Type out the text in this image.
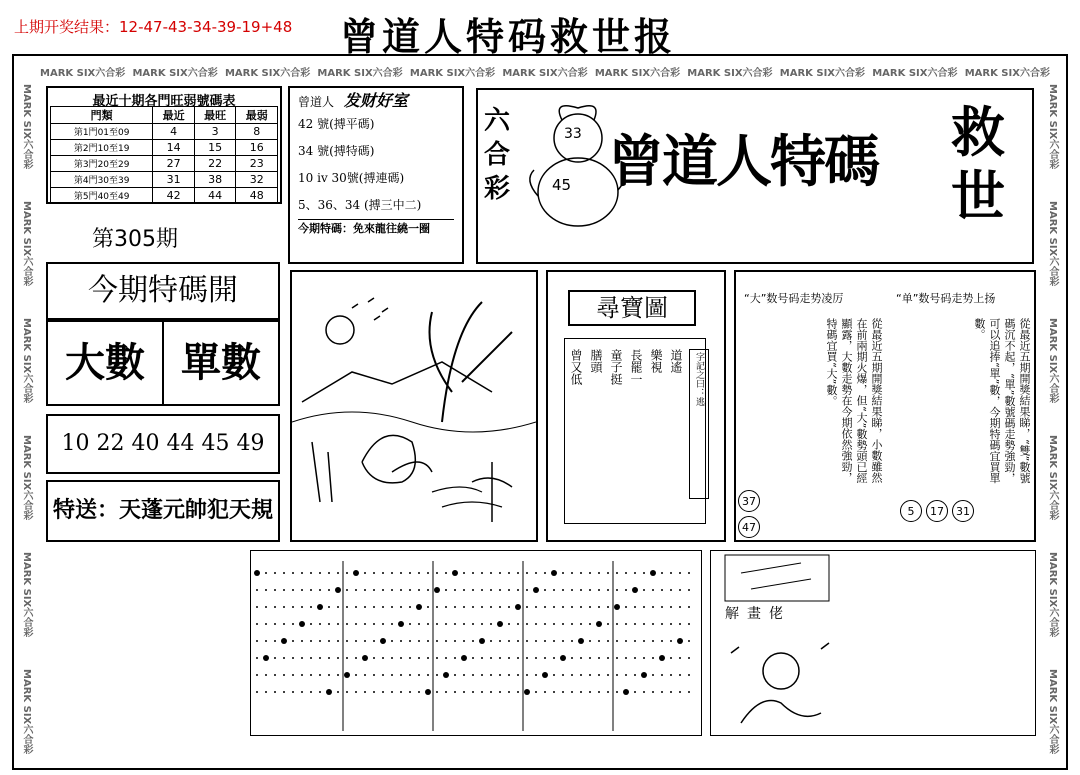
上期开奖结果：12-47-43-34-39-19+48 曾道人特码救世报
MARK SIX六合彩 MARK SIX六合彩 MARK SIX六合彩 MARK SIX六合彩 MARK SIX六合彩 MARK SIX六合彩 MARK SIX六合彩 MARK SIX六合彩 MARK SIX六合彩 MARK SIX六合彩 MARK SIX六合彩
MARK SIX六合彩
MARK SIX六合彩
MARK SIX六合彩
MARK SIX六合彩
MARK SIX六合彩
MARK SIX六合彩
MARK SIX六合彩
MARK SIX六合彩
MARK SIX六合彩
MARK SIX六合彩
MARK SIX六合彩
MARK SIX六合彩
最近十期各門旺弱號碼表
門類	最近	最旺	最弱
第1門01至09	4	3	8
第2門10至19	14	15	16
第3門20至29	27	22	23
第4門30至39	31	38	32
第5門40至49	42	44	48
第305期
曾道人 发财好室
42 號(搏平碼)
34 號(搏特碼)
10 ⅳ 30號(搏連碼)
5、36、34 (搏三中二)
今期特碼：免來龍往繞一圈
六合彩
33
45 曾道人特碼 救世
今期特碼開
大數 單數
10 22 40 44 45 49
特送：天蓬元帥犯天規
尋寶圖
字記之曰：逃
道遙
樂視
長罷一
童子挺
膳頭
曾又低
“大”数号码走势凌厉	“单”数号码走势上扬
從最近五期開獎結果睇，小數雖然在前兩期火爆，但“大”數勢頭已經顯露，大數走勢在今期依然強勁，特碼宜買“大”數。	從最近五期開獎結果睇，“雙”數號碼沉不起，“單”數號碼走勢強勁，可以追捧“單”數，今期特碼宜買單數。
37
47
5	17	31
解畫佬
